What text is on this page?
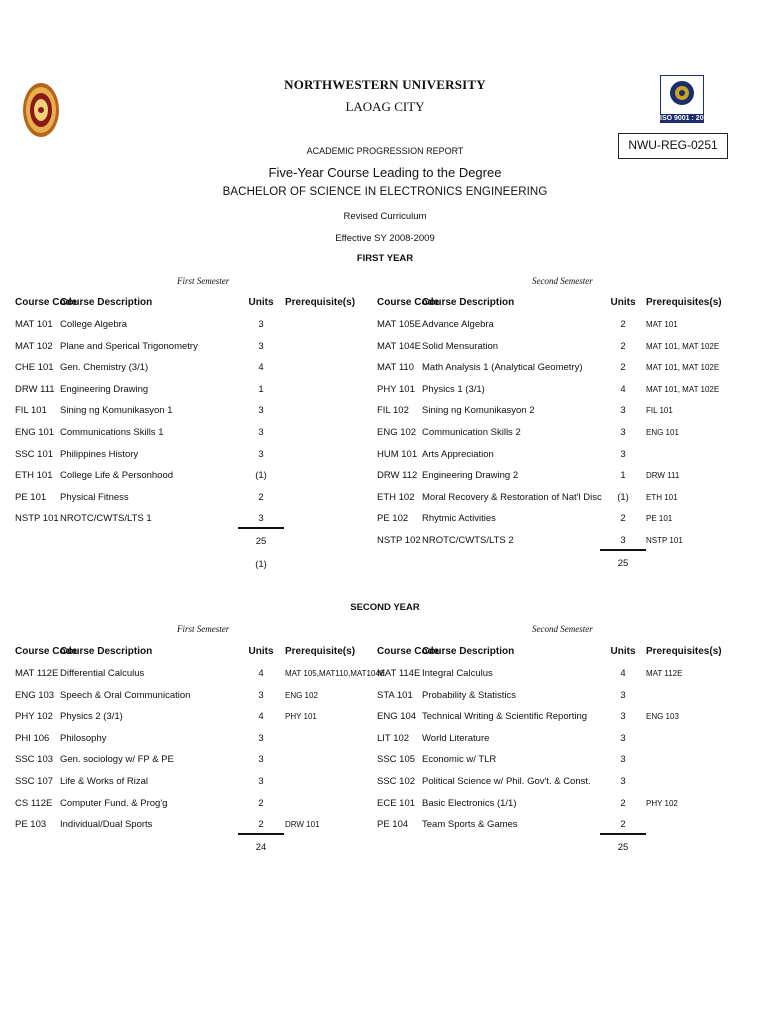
ISO 9001 : 2000
NORTHWESTERN UNIVERSITY
LAOAG CITY
NWU-REG-0251
ACADEMIC PROGRESSION REPORT
Five-Year Course Leading to the Degree
BACHELOR OF SCIENCE IN ELECTRONICS ENGINEERING
Revised Curriculum
Effective SY 2008-2009
FIRST YEAR
First Semester	Second Semester
Course Code
Course Description	Units	Prerequisite(s)
MAT 101 College Algebra	3
MAT 102 Plane and Sperical Trigonometry	3
CHE 101 Gen. Chemistry (3/1)	4
DRW 111 Engineering Drawing	1
FIL 101 Sining ng Komunikasyon 1	3
ENG 101 Communications Skills 1	3
SSC 101 Philippines History	3
ETH 101 College Life & Personhood	(1)
PE 101 Physical Fitness	2
NSTP 101 NROTC/CWTS/LTS 1	3
25
(1)
Course Code
Course Description	Units	Prerequisites(s)
MAT 105E Advance Algebra	2	MAT 101
MAT 104E Solid Mensuration	2	MAT 101, MAT 102E
MAT 110 Math Analysis 1 (Analytical Geometry)	2	MAT 101, MAT 102E
PHY 101 Physics 1 (3/1)	4	MAT 101, MAT 102E
FIL 102 Sining ng Komunikasyon 2	3	FIL 101
ENG 102 Communication Skills 2	3	ENG 101
HUM 101 Arts Appreciation	3
DRW 112 Engineering Drawing 2	1	DRW 111
ETH 102 Moral Recovery & Restoration of Nat'l Disc	(1)	ETH 101
PE 102 Rhytmic Activities	2	PE 101
NSTP 102 NROTC/CWTS/LTS 2	3	NSTP 101
25
SECOND YEAR
First Semester	Second Semester
Course Code
Course Description	Units	Prerequisite(s)
MAT 112E Differential Calculus	4	MAT 105,MAT110,MAT104E
ENG 103 Speech & Oral Communication	3	ENG 102
PHY 102 Physics 2 (3/1)	4	PHY 101
PHI 106 Philosophy	3
SSC 103 Gen. sociology w/ FP & PE	3
SSC 107 Life & Works of Rizal	3
CS 112E Computer Fund. & Prog'g	2
PE 103 Individual/Dual Sports	2	DRW 101
24
Course Code
Course Description	Units	Prerequisites(s)
MAT 114E Integral Calculus	4	MAT 112E
STA 101 Probability & Statistics	3
ENG 104 Technical Writing & Scientific Reporting	3	ENG 103
LIT 102 World Literature	3
SSC 105 Economic w/ TLR	3
SSC 102 Political Science w/ Phil. Gov't. & Const.	3
ECE 101 Basic Electronics (1/1)	2	PHY 102
PE 104 Team Sports & Games	2
25
